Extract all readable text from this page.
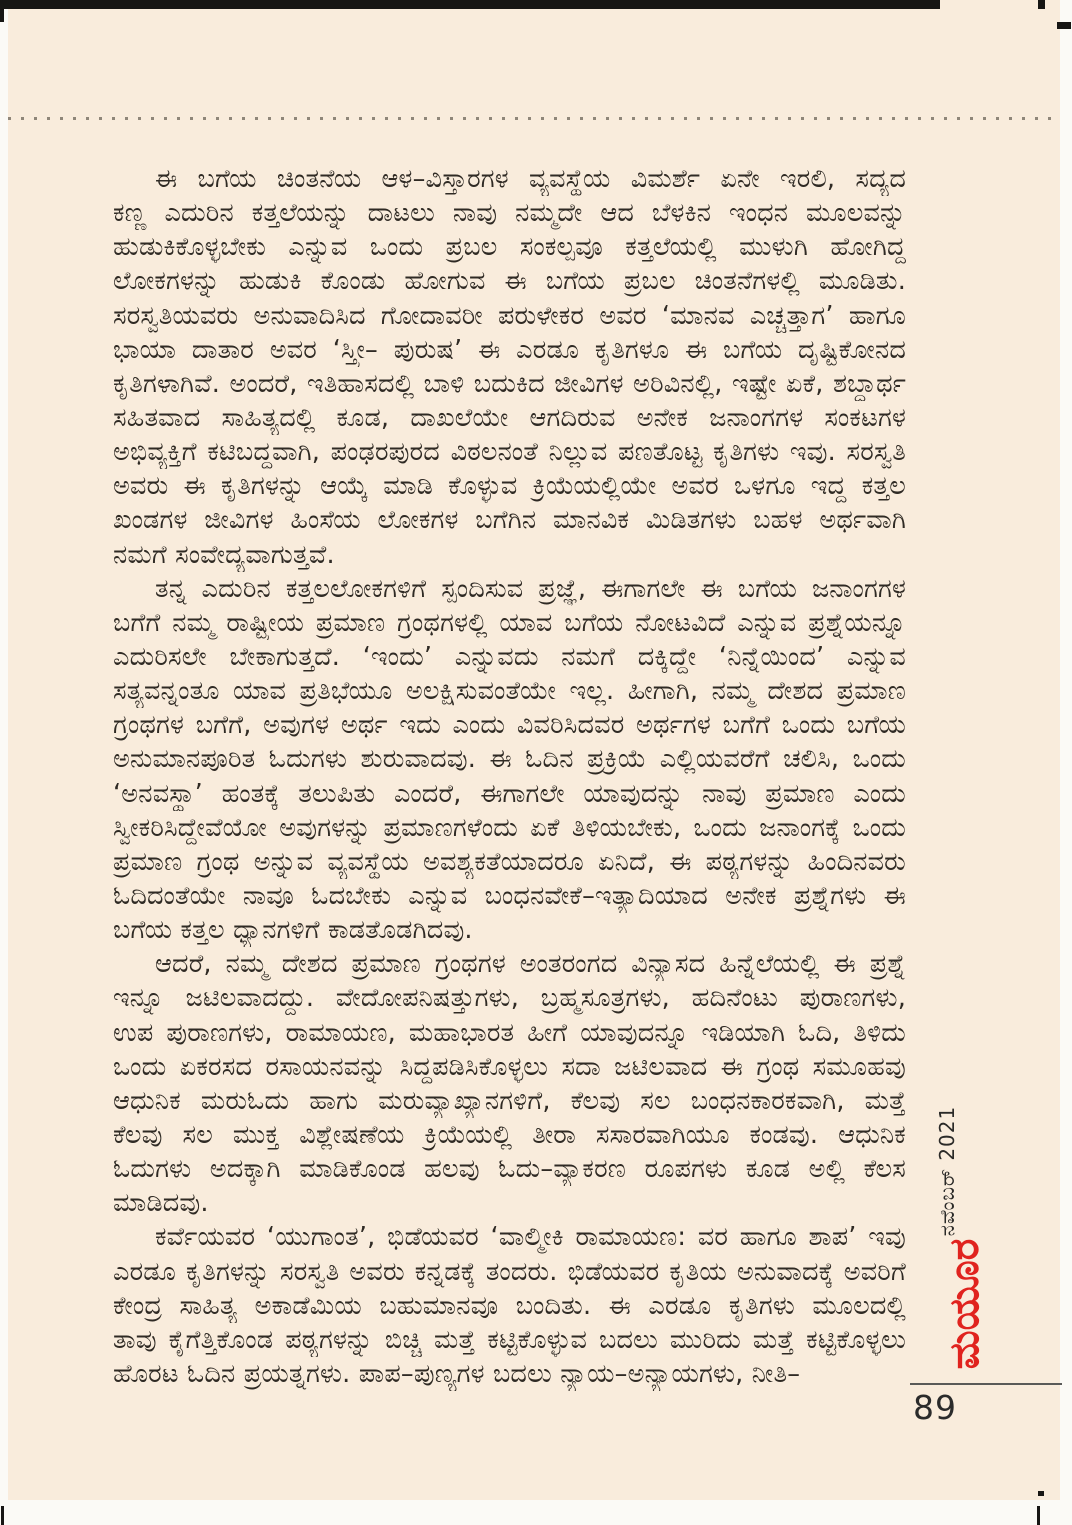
ಈ ಬಗೆಯ ಚಿಂತನೆಯ ಆಳ–ವಿಸ್ತಾರಗಳ ವ್ಯವಸ್ಥೆಯ ವಿಮರ್ಶೆ ಏನೇ ಇರಲಿ, ಸದ್ಯದ
ಕಣ್ಣ ಎದುರಿನ ಕತ್ತಲೆಯನ್ನು ದಾಟಲು ನಾವು ನಮ್ಮದೇ ಆದ ಬೆಳಕಿನ ಇಂಧನ ಮೂಲವನ್ನು
ಹುಡುಕಿಕೊಳ್ಳಬೇಕು ಎನ್ನುವ ಒಂದು ಪ್ರಬಲ ಸಂಕಲ್ಪವೂ ಕತ್ತಲೆಯಲ್ಲಿ ಮುಳುಗಿ ಹೋಗಿದ್ದ
ಲೋಕಗಳನ್ನು ಹುಡುಕಿ ಕೊಂಡು ಹೋಗುವ ಈ ಬಗೆಯ ಪ್ರಬಲ ಚಿಂತನೆಗಳಲ್ಲಿ ಮೂಡಿತು.
ಸರಸ್ವತಿಯವರು ಅನುವಾದಿಸಿದ ಗೋದಾವರೀ ಪರುಳೇಕರ ಅವರ ‘ಮಾನವ ಎಚ್ಚತ್ತಾಗ’ ಹಾಗೂ
ಭಾಯಾ ದಾತಾರ ಅವರ ‘ಸ್ತ್ರೀ– ಪುರುಷ’ ಈ ಎರಡೂ ಕೃತಿಗಳೂ ಈ ಬಗೆಯ ದೃಷ್ಟಿಕೋನದ
ಕೃತಿಗಳಾಗಿವೆ. ಅಂದರೆ, ಇತಿಹಾಸದಲ್ಲಿ ಬಾಳಿ ಬದುಕಿದ ಜೀವಿಗಳ ಅರಿವಿನಲ್ಲಿ, ಇಷ್ಟೇ ಏಕೆ, ಶಬ್ದಾರ್ಥ
ಸಹಿತವಾದ ಸಾಹಿತ್ಯದಲ್ಲಿ ಕೂಡ, ದಾಖಲೆಯೇ ಆಗದಿರುವ ಅನೇಕ ಜನಾಂಗಗಳ ಸಂಕಟಗಳ
ಅಭಿವ್ಯಕ್ತಿಗೆ ಕಟಿಬದ್ಧವಾಗಿ, ಪಂಢರಪುರದ ವಿಠಲನಂತೆ ನಿಲ್ಲುವ ಪಣತೊಟ್ಟ ಕೃತಿಗಳು ಇವು. ಸರಸ್ವತಿ
ಅವರು ಈ ಕೃತಿಗಳನ್ನು ಆಯ್ಕೆ ಮಾಡಿ ಕೊಳ್ಳುವ ಕ್ರಿಯೆಯಲ್ಲಿಯೇ ಅವರ ಒಳಗೂ ಇದ್ದ ಕತ್ತಲ
ಖಂಡಗಳ ಜೀವಿಗಳ ಹಿಂಸೆಯ ಲೋಕಗಳ ಬಗೆಗಿನ ಮಾನವಿಕ ಮಿಡಿತಗಳು ಬಹಳ ಅರ್ಥವಾಗಿ
ನಮಗೆ ಸಂವೇದ್ಯವಾಗುತ್ತವೆ.
ತನ್ನ ಎದುರಿನ ಕತ್ತಲಲೋಕಗಳಿಗೆ ಸ್ಪಂದಿಸುವ ಪ್ರಜ್ಞೆ, ಈಗಾಗಲೇ ಈ ಬಗೆಯ ಜನಾಂಗಗಳ
ಬಗೆಗೆ ನಮ್ಮ ರಾಷ್ಟ್ರೀಯ ಪ್ರಮಾಣ ಗ್ರಂಥಗಳಲ್ಲಿ ಯಾವ ಬಗೆಯ ನೋಟವಿದೆ ಎನ್ನುವ ಪ್ರಶ್ನೆಯನ್ನೂ
ಎದುರಿಸಲೇ ಬೇಕಾಗುತ್ತದೆ. ‘ಇಂದು’ ಎನ್ನುವದು ನಮಗೆ ದಕ್ಕಿದ್ದೇ ‘ನಿನ್ನೆಯಿಂದ’ ಎನ್ನುವ
ಸತ್ಯವನ್ನಂತೂ ಯಾವ ಪ್ರತಿಭೆಯೂ ಅಲಕ್ಷಿಸುವಂತೆಯೇ ಇಲ್ಲ. ಹೀಗಾಗಿ, ನಮ್ಮ ದೇಶದ ಪ್ರಮಾಣ
ಗ್ರಂಥಗಳ ಬಗೆಗೆ, ಅವುಗಳ ಅರ್ಥ ಇದು ಎಂದು ವಿವರಿಸಿದವರ ಅರ್ಥಗಳ ಬಗೆಗೆ ಒಂದು ಬಗೆಯ
ಅನುಮಾನಪೂರಿತ ಓದುಗಳು ಶುರುವಾದವು. ಈ ಓದಿನ ಪ್ರಕ್ರಿಯೆ ಎಲ್ಲಿಯವರೆಗೆ ಚಲಿಸಿ, ಒಂದು
‘ಅನವಸ್ಥಾ’ ಹಂತಕ್ಕೆ ತಲುಪಿತು ಎಂದರೆ, ಈಗಾಗಲೇ ಯಾವುದನ್ನು ನಾವು ಪ್ರಮಾಣ ಎಂದು
ಸ್ವೀಕರಿಸಿದ್ದೇವೆಯೋ ಅವುಗಳನ್ನು ಪ್ರಮಾಣಗಳೆಂದು ಏಕೆ ತಿಳಿಯಬೇಕು, ಒಂದು ಜನಾಂಗಕ್ಕೆ ಒಂದು
ಪ್ರಮಾಣ ಗ್ರಂಥ ಅನ್ನುವ ವ್ಯವಸ್ಥೆಯ ಅವಶ್ಯಕತೆಯಾದರೂ ಏನಿದೆ, ಈ ಪಠ್ಯಗಳನ್ನು ಹಿಂದಿನವರು
ಓದಿದಂತೆಯೇ ನಾವೂ ಓದಬೇಕು ಎನ್ನುವ ಬಂಧನವೇಕೆ–ಇತ್ಯಾದಿಯಾದ ಅನೇಕ ಪ್ರಶ್ನೆಗಳು ಈ
ಬಗೆಯ ಕತ್ತಲ ಧ್ಯಾನಗಳಿಗೆ ಕಾಡತೊಡಗಿದವು.
ಆದರೆ, ನಮ್ಮ ದೇಶದ ಪ್ರಮಾಣ ಗ್ರಂಥಗಳ ಅಂತರಂಗದ ವಿನ್ಯಾಸದ ಹಿನ್ನೆಲೆಯಲ್ಲಿ ಈ ಪ್ರಶ್ನೆ
ಇನ್ನೂ ಜಟಿಲವಾದದ್ದು. ವೇದೋಪನಿಷತ್ತುಗಳು, ಬ್ರಹ್ಮಸೂತ್ರಗಳು, ಹದಿನೆಂಟು ಪುರಾಣಗಳು,
ಉಪ ಪುರಾಣಗಳು, ರಾಮಾಯಣ, ಮಹಾಭಾರತ ಹೀಗೆ ಯಾವುದನ್ನೂ ಇಡಿಯಾಗಿ ಓದಿ, ತಿಳಿದು
ಒಂದು ಏಕರಸದ ರಸಾಯನವನ್ನು ಸಿದ್ಧಪಡಿಸಿಕೊಳ್ಳಲು ಸದಾ ಜಟಿಲವಾದ ಈ ಗ್ರಂಥ ಸಮೂಹವು
ಆಧುನಿಕ ಮರುಓದು ಹಾಗು ಮರುವ್ಯಾಖ್ಯಾನಗಳಿಗೆ, ಕೆಲವು ಸಲ ಬಂಧನಕಾರಕವಾಗಿ, ಮತ್ತೆ
ಕೆಲವು ಸಲ ಮುಕ್ತ ವಿಶ್ಲೇಷಣೆಯ ಕ್ರಿಯೆಯಲ್ಲಿ ತೀರಾ ಸಸಾರವಾಗಿಯೂ ಕಂಡವು. ಆಧುನಿಕ
ಓದುಗಳು ಅದಕ್ಕಾಗಿ ಮಾಡಿಕೊಂಡ ಹಲವು ಓದು–ವ್ಯಾಕರಣ ರೂಪಗಳು ಕೂಡ ಅಲ್ಲಿ ಕೆಲಸ
ಮಾಡಿದವು.
ಕರ್ವೆಯವರ ‘ಯುಗಾಂತ’, ಭಿಡೆಯವರ ‘ವಾಲ್ಮೀಕಿ ರಾಮಾಯಣ: ವರ ಹಾಗೂ ಶಾಪ’ ಇವು
ಎರಡೂ ಕೃತಿಗಳನ್ನು ಸರಸ್ವತಿ ಅವರು ಕನ್ನಡಕ್ಕೆ ತಂದರು. ಭಿಡೆಯವರ ಕೃತಿಯ ಅನುವಾದಕ್ಕೆ ಅವರಿಗೆ
ಕೇಂದ್ರ ಸಾಹಿತ್ಯ ಅಕಾಡೆಮಿಯ ಬಹುಮಾನವೂ ಬಂದಿತು. ಈ ಎರಡೂ ಕೃತಿಗಳು ಮೂಲದಲ್ಲಿ
ತಾವು ಕೈಗೆತ್ತಿಕೊಂಡ ಪಠ್ಯಗಳನ್ನು ಬಿಚ್ಚಿ ಮತ್ತೆ ಕಟ್ಟಿಕೊಳ್ಳುವ ಬದಲು ಮುರಿದು ಮತ್ತೆ ಕಟ್ಟಿಕೊಳ್ಳಲು
ಹೊರಟ ಓದಿನ ಪ್ರಯತ್ನಗಳು. ಪಾಪ–ಪುಣ್ಯಗಳ ಬದಲು ನ್ಯಾಯ–ಅನ್ಯಾಯಗಳು, ನೀತಿ–
ನವೆಂಬರ್ 2021
ಮಯೂರ
89
